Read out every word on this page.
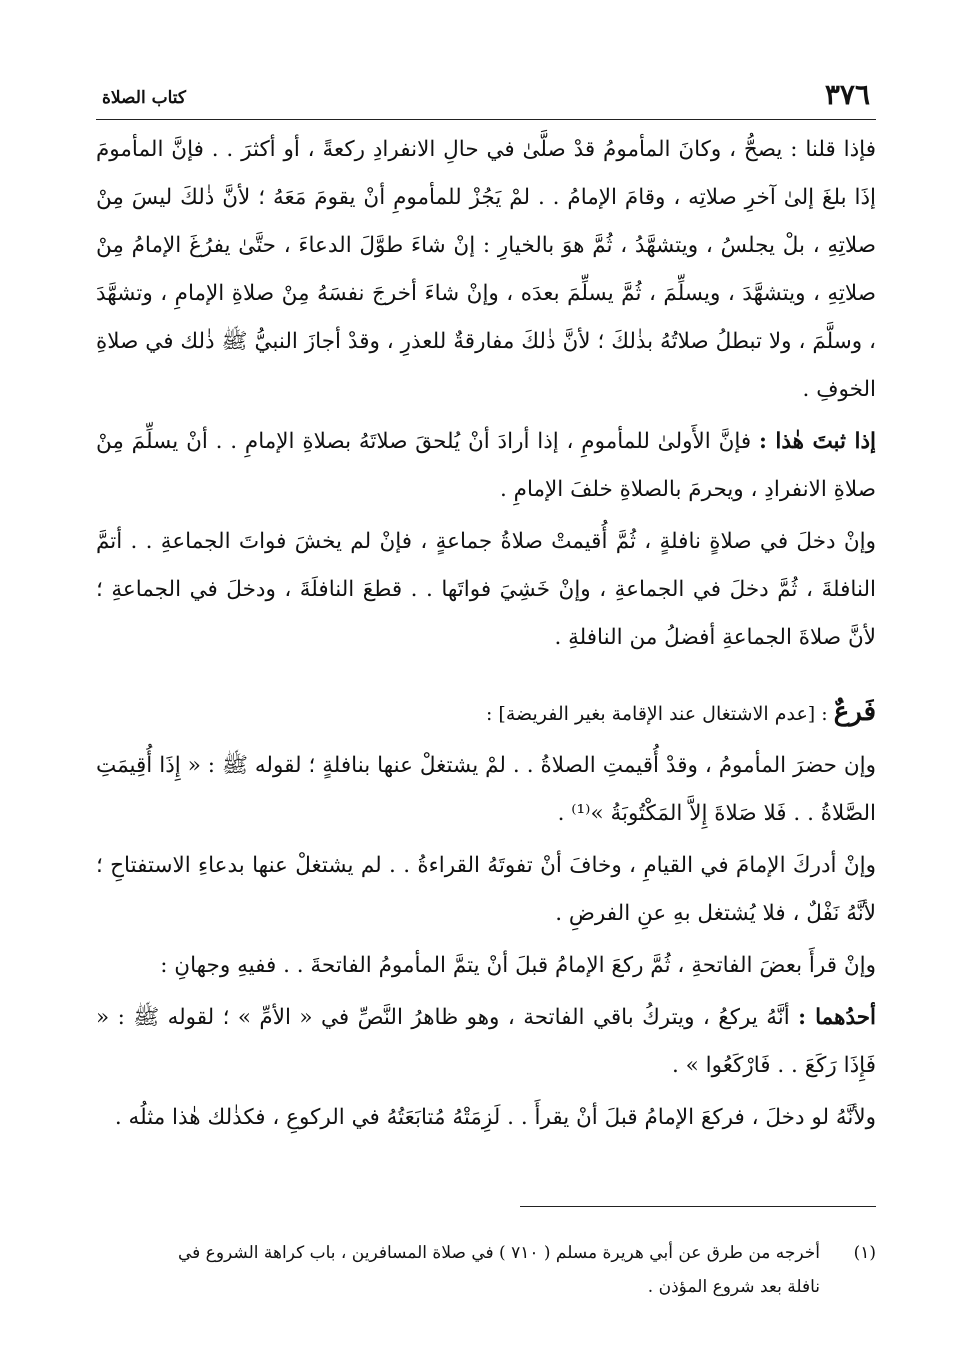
٣٧٦
كتاب الصلاة

فإذا قلنا : يصحُّ ، وكانَ المأمومُ قدْ صلَّىٰ في حالِ الانفرادِ ركعةً ، أو أكثرَ . . فإنَّ المأمومَ إذَا بلغَ إلىٰ آخرِ صلاتِه ، وقامَ الإمامُ . . لمْ يَجُزْ للمأمومِ أنْ يقومَ مَعَهُ ؛ لأنَّ ذٰلكَ ليسَ مِنْ صلاتِهِ ، بلْ يجلسُ ، ويتشهَّدُ ، ثُمَّ هوَ بالخيارِ : إنْ شاءَ طوَّلَ الدعاءَ ، حتَّىٰ يفرُغَ الإمامُ مِنْ صلاتِهِ ، ويتشهَّدَ ، ويسلِّمَ ، ثُمَّ يسلِّمَ بعدَه ، وإنْ شاءَ أخرجَ نفسَهُ مِنْ صلاةِ الإمامِ ، وتشهَّدَ ، وسلَّمَ ، ولا تبطلُ صلاتُهُ بذٰلكَ ؛ لأنَّ ذٰلكَ مفارقةٌ للعذرِ ، وقدْ أجازَ النبيُّ ﷺ ذٰلك في صلاةِ الخوفِ .

إذا ثبتَ هٰذا : فإنَّ الأَولىٰ للمأمومِ ، إذا أرادَ أنْ يُلحقَ صلاتَهُ بصلاةِ الإمامِ . . أنْ يسلِّمَ مِنْ صلاةِ الانفرادِ ، ويحرمَ بالصلاةِ خلفَ الإمامِ .

وإنْ دخلَ في صلاةٍ نافلةٍ ، ثُمَّ أُقيمتْ صلاةُ جماعةٍ ، فإنْ لم يخشَ فواتَ الجماعةِ . . أتمَّ النافلةَ ، ثُمَّ دخلَ في الجماعةِ ، وإنْ خَشِيَ فواتَها . . قطعَ النافلَةَ ، ودخلَ في الجماعةِ ؛ لأنَّ صلاةَ الجماعةِ أفضلُ من النافلةِ .

فَرعٌ : [عدم الاشتغال عند الإقامة بغير الفريضة] :

وإن حضرَ المأمومُ ، وقدْ أُقيمتِ الصلاةُ . . لمْ يشتغلْ عنها بنافلةٍ ؛ لقوله ﷺ : « إِذَا أُقِيمَتِ الصَّلاةُ . . فَلا صَلاةَ إِلاَّ المَكْتُوبَةُ »⁽¹⁾ .

وإنْ أدركَ الإمامَ في القيامِ ، وخافَ أنْ تفوتَهُ القراءةُ . . لم يشتغلْ عنها بدعاءِ الاستفتاحِ ؛ لأنَّهُ نَفْلٌ ، فلا يُشتغل بهِ عنِ الفرضِ .

وإنْ قرأَ بعضَ الفاتحةِ ، ثُمَّ ركعَ الإمامُ قبلَ أنْ يتمَّ المأمومُ الفاتحةَ . . ففيهِ وجهانِ :

أحدُهما : أنَّهُ يركعُ ، ويتركُ باقي الفاتحة ، وهو ظاهرُ النَّصِّ في « الأمِّ » ؛ لقوله ﷺ : « فَإِذَا رَكَعَ . . فَارْكَعُوا » .

ولأنَّهُ لو دخلَ ، فركعَ الإمامُ قبلَ أنْ يقرأَ . . لَزِمَتْهُ مُتابَعَتُهُ في الركوعِ ، فكذٰلك هٰذا مثلُه .

(١)
أخرجه من طرق عن أبي هريرة مسلم ( ٧١٠ ) في صلاة المسافرين ، باب كراهة الشروع في
نافلة بعد شروع المؤذن .
